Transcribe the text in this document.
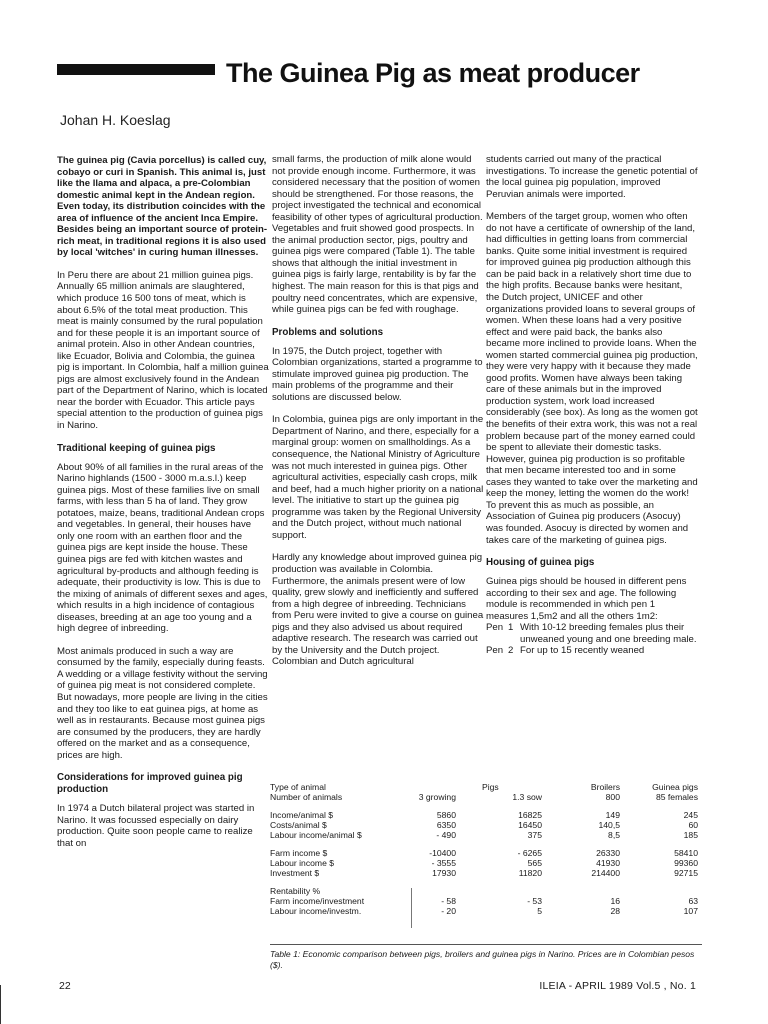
The Guinea Pig as meat producer
Johan H. Koeslag

The guinea pig (Cavia porcellus) is called cuy, cobayo or curi in Spanish. This animal is, just like the llama and alpaca, a pre-Colombian domestic animal kept in the Andean region. Even today, its distribution coincides with the area of influence of the ancient Inca Empire. Besides being an important source of protein-rich meat, in traditional regions it is also used by local 'witches' in curing human illnesses.

In Peru there are about 21 million guinea pigs. Annually 65 million animals are slaughtered, which produce 16 500 tons of meat, which is about 6.5% of the total meat production. This meat is mainly consumed by the rural population and for these people it is an important source of animal protein. Also in other Andean countries, like Ecuador, Bolivia and Colombia, the guinea pig is important. In Colombia, half a million guinea pigs are almost exclusively found in the Andean part of the Department of Narino, which is located near the border with Ecuador. This article pays special attention to the production of guinea pigs in Narino.

Traditional keeping of guinea pigs

About 90% of all families in the rural areas of the Narino highlands (1500 - 3000 m.a.s.l.) keep guinea pigs. Most of these families live on small farms, with less than 5 ha of land. They grow potatoes, maize, beans, traditional Andean crops and vegetables. In general, their houses have only one room with an earthen floor and the guinea pigs are kept inside the house. These guinea pigs are fed with kitchen wastes and agricultural by-products and although feeding is adequate, their productivity is low. This is due to the mixing of animals of different sexes and ages, which results in a high incidence of contagious diseases, breeding at an age too young and a high degree of inbreeding.

Most animals produced in such a way are consumed by the family, especially during feasts. A wedding or a village festivity without the serving of guinea pig meat is not considered complete. But nowadays, more people are living in the cities and they too like to eat guinea pigs, at home as well as in restaurants. Because most guinea pigs are consumed by the producers, they are hardly offered on the market and as a consequence, prices are high.

Considerations for improved guinea pig production

In 1974 a Dutch bilateral project was started in Narino. It was focussed especially on dairy production. Quite soon people came to realize that on

small farms, the production of milk alone would not provide enough income. Furthermore, it was considered necessary that the position of women should be strengthened. For those reasons, the project investigated the technical and economical feasibility of other types of agricultural production. Vegetables and fruit showed good prospects. In the animal production sector, pigs, poultry and guinea pigs were compared (Table 1). The table shows that although the initial investment in guinea pigs is fairly large, rentability is by far the highest. The main reason for this is that pigs and poultry need concentrates, which are expensive, while guinea pigs can be fed with roughage.

Problems and solutions

In 1975, the Dutch project, together with Colombian organizations, started a programme to stimulate improved guinea pig production. The main problems of the programme and their solutions are discussed below.

In Colombia, guinea pigs are only important in the Department of Narino, and there, especially for a marginal group: women on smallholdings. As a consequence, the National Ministry of Agriculture was not much interested in guinea pigs. Other agricultural activities, especially cash crops, milk and beef, had a much higher priority on a national level. The initiative to start up the guinea pig programme was taken by the Regional University and the Dutch project, without much national support.

Hardly any knowledge about improved guinea pig production was available in Colombia. Furthermore, the animals present were of low quality, grew slowly and inefficiently and suffered from a high degree of inbreeding. Technicians from Peru were invited to give a course on guinea pigs and they also advised us about required adaptive research. The research was carried out by the University and the Dutch project. Colombian and Dutch agricultural

students carried out many of the practical investigations. To increase the genetic potential of the local guinea pig population, improved Peruvian animals were imported.

Members of the target group, women who often do not have a certificate of ownership of the land, had difficulties in getting loans from commercial banks. Quite some initial investment is required for improved guinea pig production although this can be paid back in a relatively short time due to the high profits. Because banks were hesitant, the Dutch project, UNICEF and other organizations provided loans to several groups of women. When these loans had a very positive effect and were paid back, the banks also became more inclined to provide loans. When the women started commercial guinea pig production, they were very happy with it because they made good profits. Women have always been taking care of these animals but in the improved production system, work load increased considerably (see box). As long as the women got the benefits of their extra work, this was not a real problem because part of the money earned could be spent to alleviate their domestic tasks. However, guinea pig production is so profitable that men became interested too and in some cases they wanted to take over the marketing and keep the money, letting the women do the work! To prevent this as much as possible, an Association of Guinea pig producers (Asocuy) was founded. Asocuy is directed by women and takes care of the marketing of guinea pigs.

Housing of guinea pigs

Guinea pigs should be housed in different pens according to their sex and age. The following module is recommended in which pen 1 measures 1,5m2 and all the others 1m2:

Pen 1 With 10-12 breeding females plus their unweaned young and one breeding male.
Pen 2 For up to 15 recently weaned
Type of animal	Pigs	Broilers	Guinea pigs
Number of animals	3 growing	1.3 sow	800	85 females
Income/animal $	5860	16825	149	245
Costs/animal $	6350	16450	140,5	60
Labour income/animal $	- 490	375	8,5	185
Farm income $	-10400	- 6265	26330	58410
Labour income $	- 3555	565	41930	99360
Investment $	17930	11820	214400	92715
Rentability %
Farm income/investment	- 58	- 53	16	63
Labour income/investm.	- 20	5	28	107
Table 1: Economic comparison between pigs, broilers and guinea pigs in Narino. Prices are in Colombian pesos ($).
22	ILEIA - APRIL 1989 Vol.5 , No. 1
